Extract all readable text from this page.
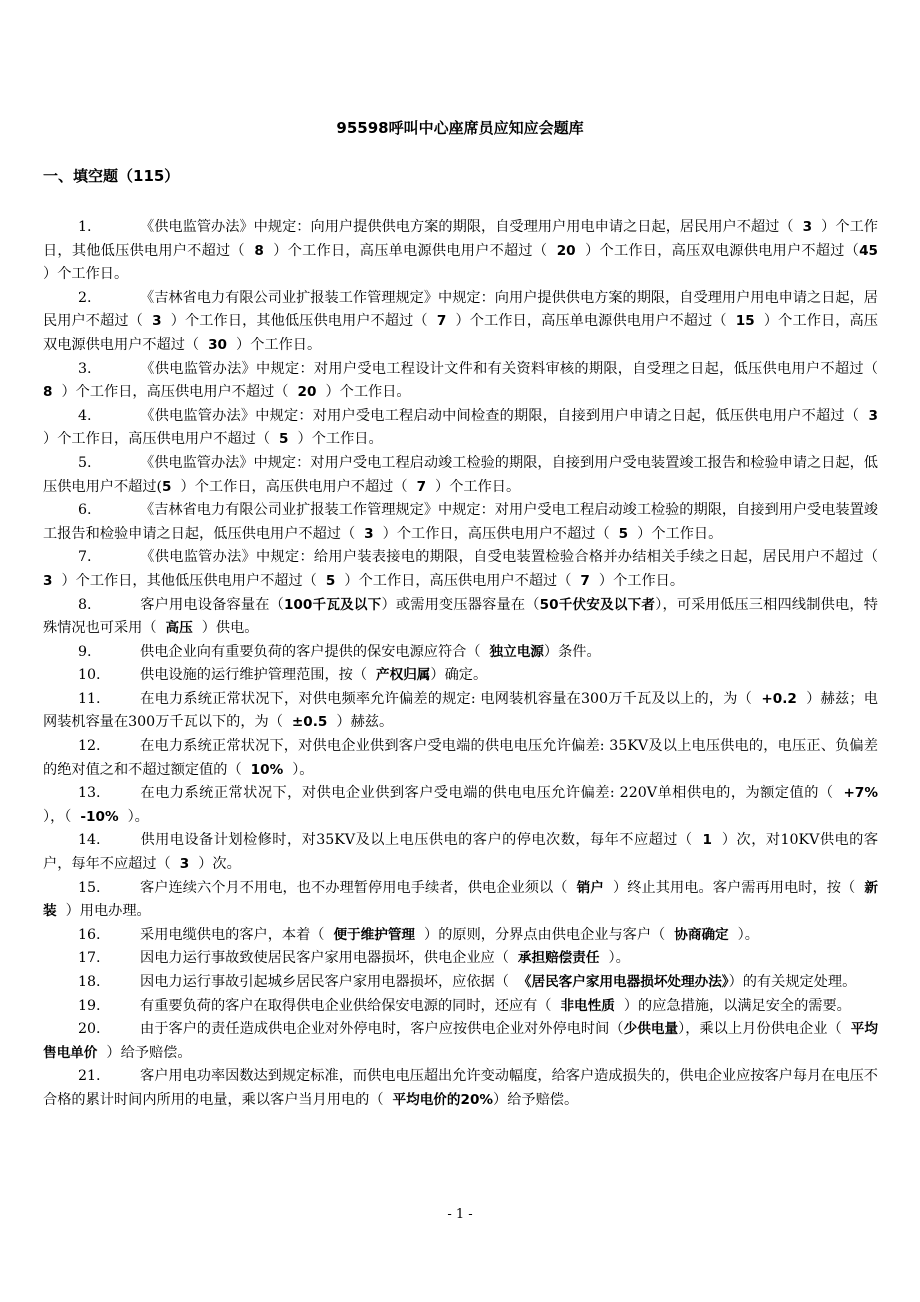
95598呼叫中心座席员应知应会题库
一、填空题（115）
1.	《供电监管办法》中规定：向用户提供供电方案的期限，自受理用户用电申请之日起，居民用户不超过（  3  ）个工作日，其他低压供电用户不超过（  8  ）个工作日，高压单电源供电用户不超过（  20  ）个工作日，高压双电源供电用户不超过（45  ）个工作日。
2.	《吉林省电力有限公司业扩报装工作管理规定》中规定：向用户提供供电方案的期限，自受理用户用电申请之日起，居民用户不超过（  3  ）个工作日，其他低压供电用户不超过（  7  ）个工作日，高压单电源供电用户不超过（  15  ）个工作日，高压双电源供电用户不超过（  30  ）个工作日。
3.	《供电监管办法》中规定：对用户受电工程设计文件和有关资料审核的期限，自受理之日起，低压供电用户不超过（  8  ）个工作日，高压供电用户不超过（  20  ）个工作日。
4.	《供电监管办法》中规定：对用户受电工程启动中间检查的期限，自接到用户申请之日起，低压供电用户不超过（  3  ）个工作日，高压供电用户不超过（  5  ）个工作日。
5.	《供电监管办法》中规定：对用户受电工程启动竣工检验的期限，自接到用户受电装置竣工报告和检验申请之日起，低压供电用户不超过(5  ）个工作日，高压供电用户不超过（  7  ）个工作日。
6.	《吉林省电力有限公司业扩报装工作管理规定》中规定：对用户受电工程启动竣工检验的期限，自接到用户受电装置竣工报告和检验申请之日起，低压供电用户不超过（  3  ）个工作日，高压供电用户不超过（  5  ）个工作日。
7.	《供电监管办法》中规定：给用户装表接电的期限，自受电装置检验合格并办结相关手续之日起，居民用户不超过（  3  ）个工作日，其他低压供电用户不超过（  5  ）个工作日，高压供电用户不超过（  7  ）个工作日。
8.	客户用电设备容量在（100千瓦及以下）或需用变压器容量在（50千伏安及以下者），可采用低压三相四线制供电，特殊情况也可采用（  高压  ）供电。
9.	供电企业向有重要负荷的客户提供的保安电源应符合（  独立电源）条件。
10.	供电设施的运行维护管理范围，按（  产权归属）确定。
11.	在电力系统正常状况下，对供电频率允许偏差的规定: 电网装机容量在300万千瓦及以上的，为（  +0.2  ）赫兹；电网装机容量在300万千瓦以下的，为（  ±0.5  ）赫兹。
12.	在电力系统正常状况下，对供电企业供到客户受电端的供电电压允许偏差: 35KV及以上电压供电的，电压正、负偏差的绝对值之和不超过额定值的（  10%  ）。
13.	在电力系统正常状况下，对供电企业供到客户受电端的供电电压允许偏差: 220V单相供电的，为额定值的（  +7%  ），（  -10%  ）。
14.	供用电设备计划检修时，对35KV及以上电压供电的客户的停电次数，每年不应超过（  1  ）次，对10KV供电的客户，每年不应超过（  3  ）次。
15.	客户连续六个月不用电，也不办理暂停用电手续者，供电企业须以（  销户  ）终止其用电。客户需再用电时，按（  新装  ）用电办理。
16.	采用电缆供电的客户，本着（  便于维护管理  ）的原则，分界点由供电企业与客户（  协商确定  ）。
17.	因电力运行事故致使居民客户家用电器损坏，供电企业应（  承担赔偿责任  ）。
18.	因电力运行事故引起城乡居民客户家用电器损坏，应依据（  《居民客户家用电器损坏处理办法》）的有关规定处理。
19.	有重要负荷的客户在取得供电企业供给保安电源的同时，还应有（  非电性质  ）的应急措施，以满足安全的需要。
20.	由于客户的责任造成供电企业对外停电时，客户应按供电企业对外停电时间（少供电量），乘以上月份供电企业（  平均售电单价  ）给予赔偿。
21.	客户用电功率因数达到规定标准，而供电电压超出允许变动幅度，给客户造成损失的，供电企业应按客户每月在电压不合格的累计时间内所用的电量，乘以客户当月用电的（  平均电价的20%）给予赔偿。
- 1 -
